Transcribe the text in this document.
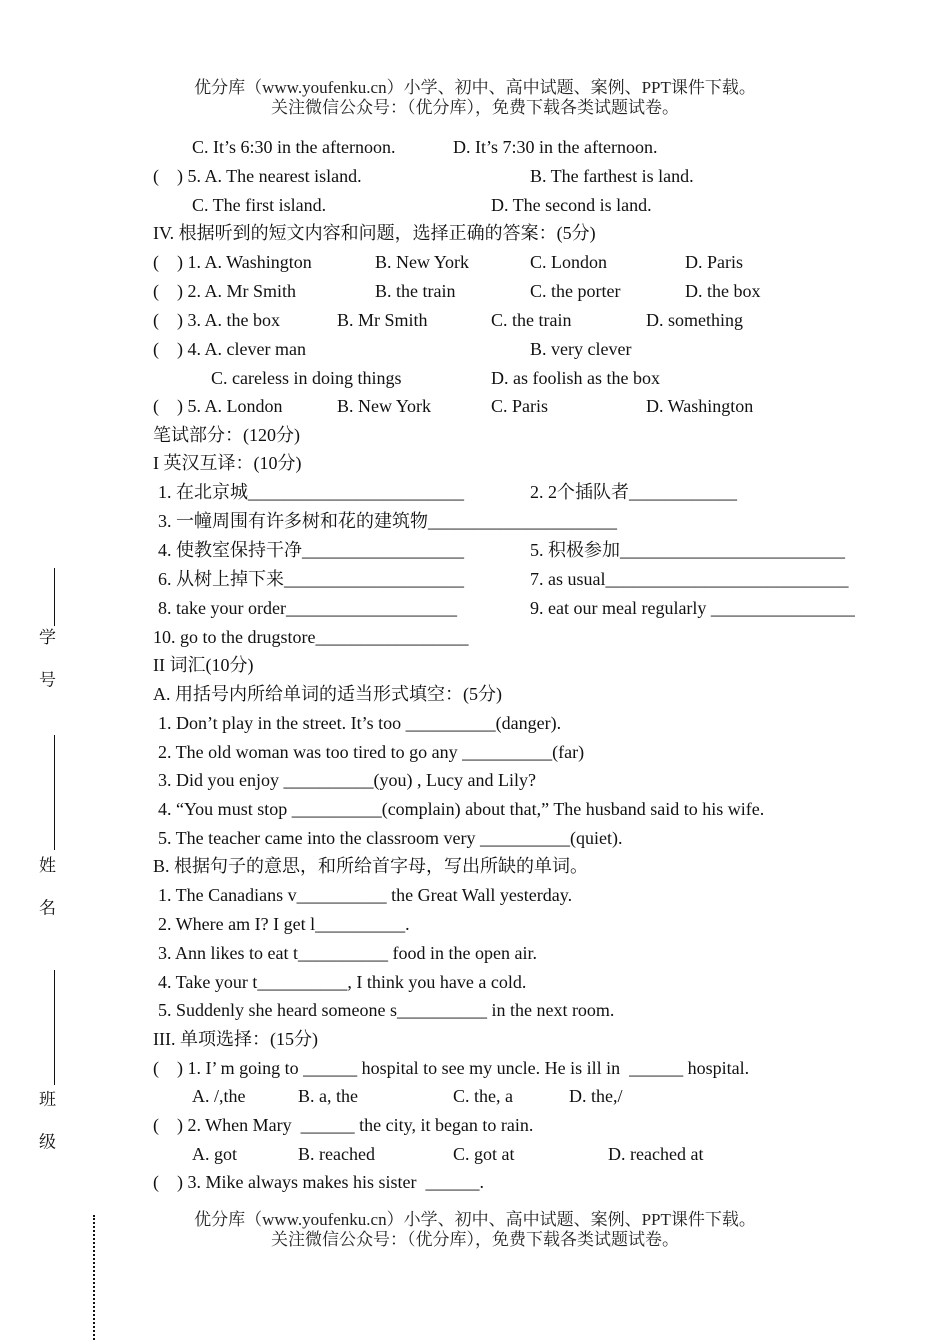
优分库（www.youfenku.cn）小学、初中、高中试题、案例、PPT课件下载。
关注微信公众号：（优分库），免费下载各类试题试卷。
学 号
姓 名
班 级
C. It’s 6:30 in the afternoon.	D. It’s 7:30 in the afternoon.
(    ) 5. A. The nearest island.	B. The farthest is land.
C. The first island.	D. The second is land.
IV. 根据听到的短文内容和问题，选择正确的答案：(5分)
(    ) 1. A. Washington	B. New York	C. London	D. Paris
(    ) 2. A. Mr Smith	B. the train	C. the porter	D. the box
(    ) 3. A. the box	B. Mr Smith	C. the train	D. something
(    ) 4. A. clever man	B. very clever
C. careless in doing things	D. as foolish as the box
(    ) 5. A. London	B. New York	C. Paris	D. Washington
笔试部分：(120分)
I 英汉互译：(10分)
1. 在北京城________________________	2. 2个插队者____________
3. 一幢周围有许多树和花的建筑物_____________________
4. 使教室保持干净__________________	5. 积极参加_________________________
6. 从树上掉下来____________________	7. as usual___________________________
8. take your order___________________	9. eat our meal regularly ________________
10. go to the drugstore_________________
II 词汇(10分)
A. 用括号内所给单词的适当形式填空：(5分)
1. Don’t play in the street. It’s too __________(danger).
2. The old woman was too tired to go any __________(far)
3. Did you enjoy __________(you) , Lucy and Lily?
4. “You must stop __________(complain) about that,” The husband said to his wife.
5. The teacher came into the classroom very __________(quiet).
B. 根据句子的意思，和所给首字母，写出所缺的单词。
1. The Canadians v__________ the Great Wall yesterday.
2. Where am I? I get l__________.
3. Ann likes to eat t__________ food in the open air.
4. Take your t__________, I think you have a cold.
5. Suddenly she heard someone s__________ in the next room.
III. 单项选择：(15分)
(    ) 1. I’ m going to ______ hospital to see my uncle. He is ill in  ______ hospital.
A. /,the	B. a, the	C. the, a	D. the,/
(    ) 2. When Mary  ______ the city, it began to rain.
A. got	B. reached	C. got at	D. reached at
(    ) 3. Mike always makes his sister  ______.
优分库（www.youfenku.cn）小学、初中、高中试题、案例、PPT课件下载。
关注微信公众号：（优分库），免费下载各类试题试卷。
